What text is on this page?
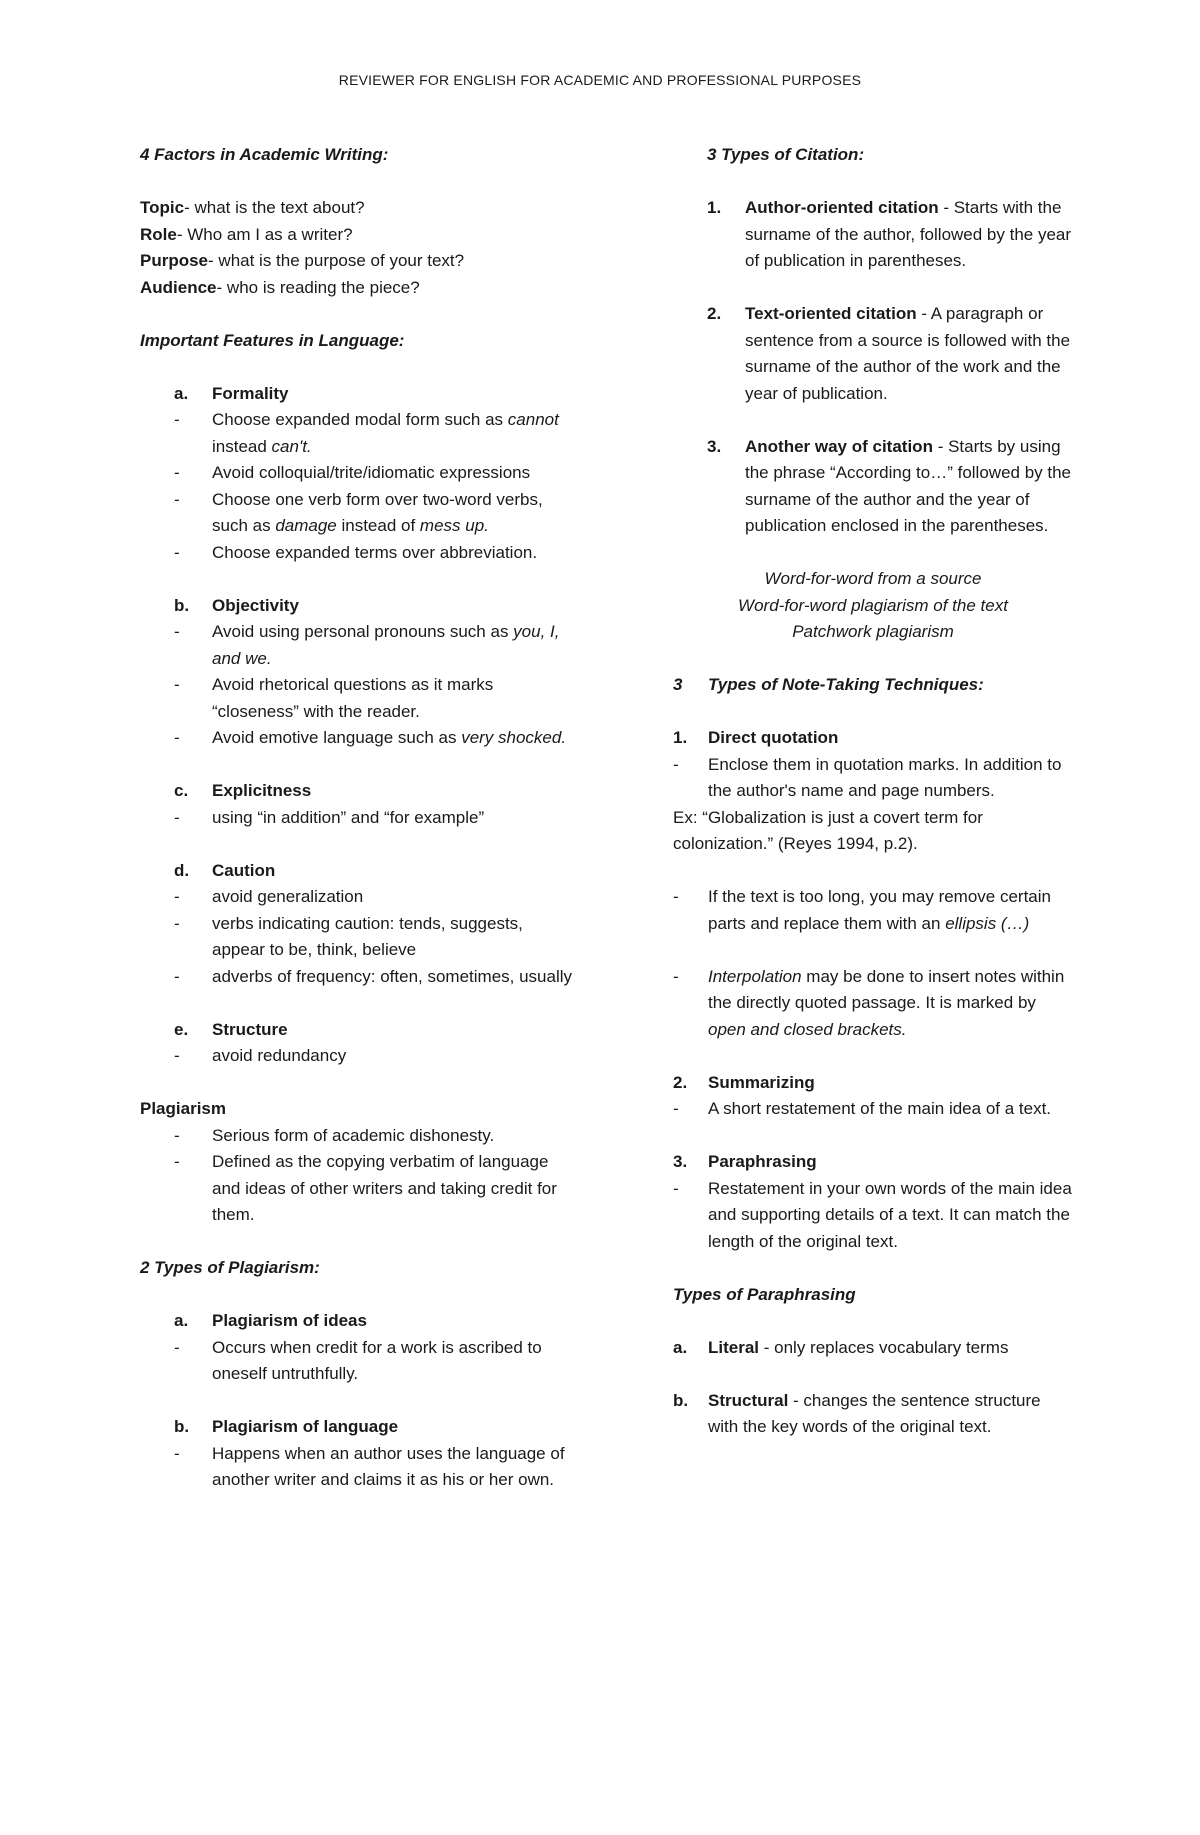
REVIEWER FOR ENGLISH FOR ACADEMIC AND PROFESSIONAL PURPOSES
4 Factors in Academic Writing:
Topic- what is the text about?
Role- Who am I as a writer?
Purpose- what is the purpose of your text?
Audience- who is reading the piece?
Important Features in Language:
a. Formality
- Choose expanded modal form such as cannot instead can't.
- Avoid colloquial/trite/idiomatic expressions
- Choose one verb form over two-word verbs, such as damage instead of mess up.
- Choose expanded terms over abbreviation.
b. Objectivity
- Avoid using personal pronouns such as you, I, and we.
- Avoid rhetorical questions as it marks “closeness” with the reader.
- Avoid emotive language such as very shocked.
c. Explicitness
- using “in addition” and “for example”
d. Caution
- avoid generalization
- verbs indicating caution: tends, suggests, appear to be, think, believe
- adverbs of frequency: often, sometimes, usually
e. Structure
- avoid redundancy
Plagiarism
- Serious form of academic dishonesty.
- Defined as the copying verbatim of language and ideas of other writers and taking credit for them.
2 Types of Plagiarism:
a. Plagiarism of ideas
- Occurs when credit for a work is ascribed to oneself untruthfully.
b. Plagiarism of language
- Happens when an author uses the language of another writer and claims it as his or her own.
3 Types of Citation:
1. Author-oriented citation - Starts with the surname of the author, followed by the year of publication in parentheses.
2. Text-oriented citation - A paragraph or sentence from a source is followed with the surname of the author of the work and the year of publication.
3. Another way of citation - Starts by using the phrase “According to…” followed by the surname of the author and the year of publication enclosed in the parentheses.
Word-for-word from a source
Word-for-word plagiarism of the text
Patchwork plagiarism
3 Types of Note-Taking Techniques:
1. Direct quotation
- Enclose them in quotation marks. In addition to the author's name and page numbers.
Ex: “Globalization is just a covert term for colonization.” (Reyes 1994, p.2).
- If the text is too long, you may remove certain parts and replace them with an ellipsis (…)
- Interpolation may be done to insert notes within the directly quoted passage. It is marked by open and closed brackets.
2. Summarizing
- A short restatement of the main idea of a text.
3. Paraphrasing
- Restatement in your own words of the main idea and supporting details of a text. It can match the length of the original text.
Types of Paraphrasing
a. Literal - only replaces vocabulary terms
b. Structural - changes the sentence structure with the key words of the original text.
